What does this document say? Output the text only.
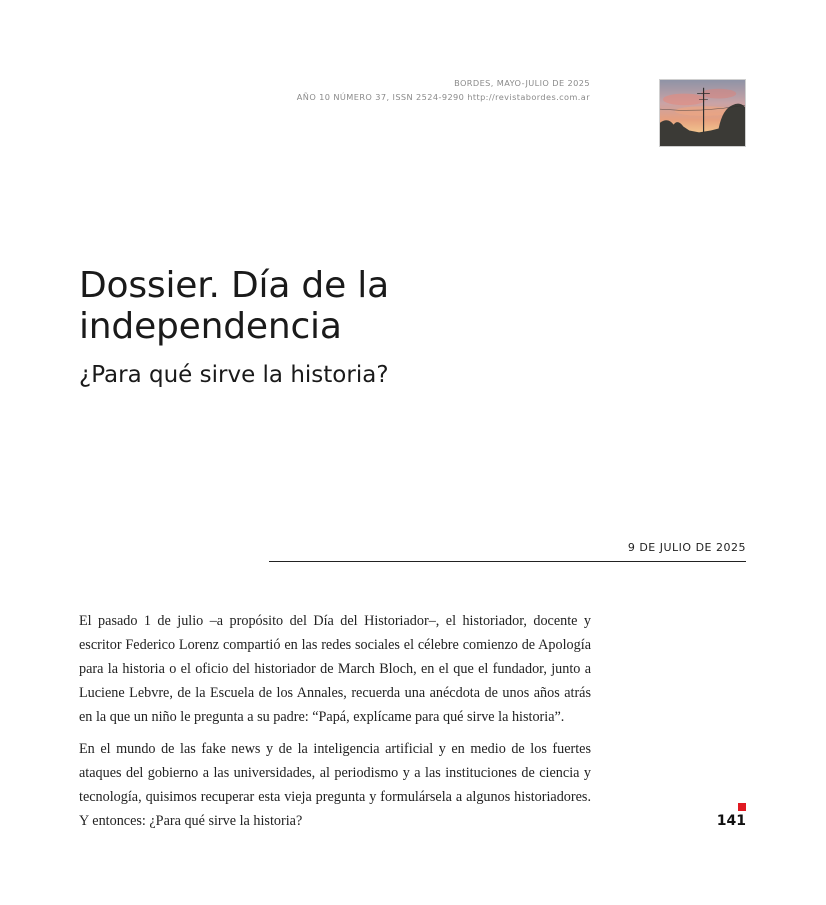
BORDES, MAYO-JULIO DE 2025
AÑO 10 NÚMERO 37, ISSN 2524-9290 http://revistabordes.com.ar
Dossier. Día de la
independencia
¿Para qué sirve la historia?
9 DE JULIO DE 2025

El pasado 1 de julio –a propósito del Día del Historiador–, el historiador, docente y escritor Federico Lorenz compartió en las redes sociales el célebre comienzo de Apología para la historia o el oficio del historiador de March Bloch, en el que el fundador, junto a Luciene Lebvre, de la Escuela de los Annales, recuerda una anécdota de unos años atrás en la que un niño le pregunta a su padre: “Papá, explícame para qué sirve la historia”.

En el mundo de las fake news y de la inteligencia artificial y en medio de los fuertes ataques del gobierno a las universidades, al periodismo y a las instituciones de ciencia y tecnología, quisimos recuperar esta vieja pregunta y formulársela a algunos historiadores. Y entonces: ¿Para qué sirve la historia?	141
